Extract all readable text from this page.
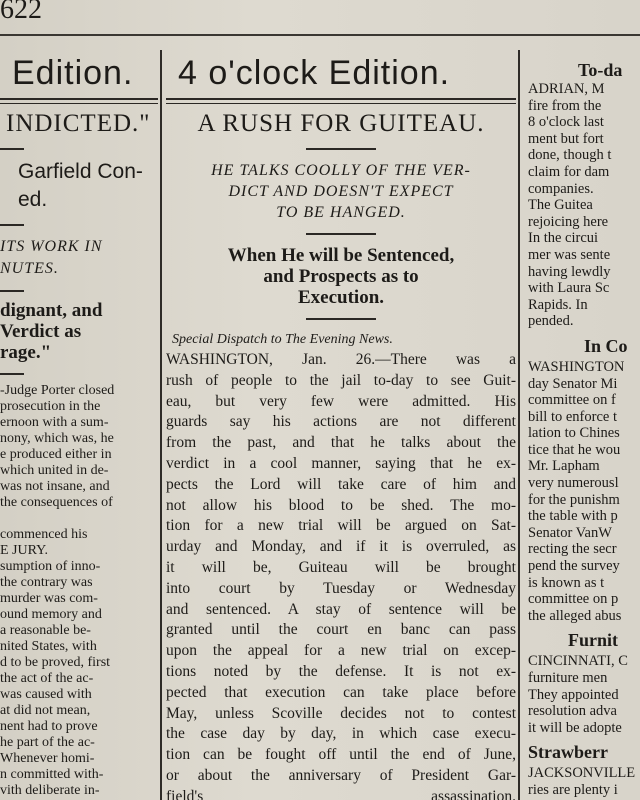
622
Edition.
INDICTED."
Garfield Con-
ed.
ITS WORK IN
NUTES.
dignant, and
Verdict as
rage."
-Judge Porter closed
prosecution in the
ernoon with a sum-
nony, which was, he
e produced either in
which united in de-
was not insane, and
the consequences of

commenced his
E JURY.
sumption of inno-
the contrary was
murder was com-
ound memory and
a reasonable be-
nited States, with
d to be proved, first
the act of the ac-
was caused with
at did not mean,
nent had to prove
he part of the ac-
Whenever homi-
n committed with-
vith deliberate in-
4 o'clock Edition.
A RUSH FOR GUITEAU.
HE TALKS COOLLY OF THE VER-
DICT AND DOESN'T EXPECT
TO BE HANGED.
When He will be Sentenced,
and Prospects as to
Execution.
Special Dispatch to The Evening News.
WASHINGTON, Jan. 26.—There was a
rush of people to the jail to-day to see Guit-
eau, but very few were admitted. His
guards say his actions are not different
from the past, and that he talks about the
verdict in a cool manner, saying that he ex-
pects the Lord will take care of him and
not allow his blood to be shed. The mo-
tion for a new trial will be argued on Sat-
urday and Monday, and if it is overruled, as
it will be, Guiteau will be brought
into court by Tuesday or Wednesday
and sentenced. A stay of sentence will be
granted until the court en banc can pass
upon the appeal for a new trial on excep-
tions noted by the defense. It is not ex-
pected that execution can take place before
May, unless Scoville decides not to contest
the case day by day, in which case execu-
tion can be fought off until the end of June,
or about the anniversary of President Gar-
field's assassination.
To-da
ADRIAN, M
fire from the
8 o'clock last
ment but fort
done, though t
claim for dam
companies.
The Guitea
rejoicing here
In the circui
mer was sente
having lewdly
with Laura Sc
Rapids. In
pended.
In Co
WASHINGTON
day Senator Mi
committee on f
bill to enforce t
lation to Chines
tice that he wou
Mr. Lapham
very numerousl
for the punishm
the table with p
Senator VanW
recting the secr
pend the survey
is known as t
committee on p
the alleged abus
Furnit
CINCINNATI, C
furniture men
They appointed
resolution adva
it will be adopte
Strawberr
JACKSONVILLE
ries are plenty i
